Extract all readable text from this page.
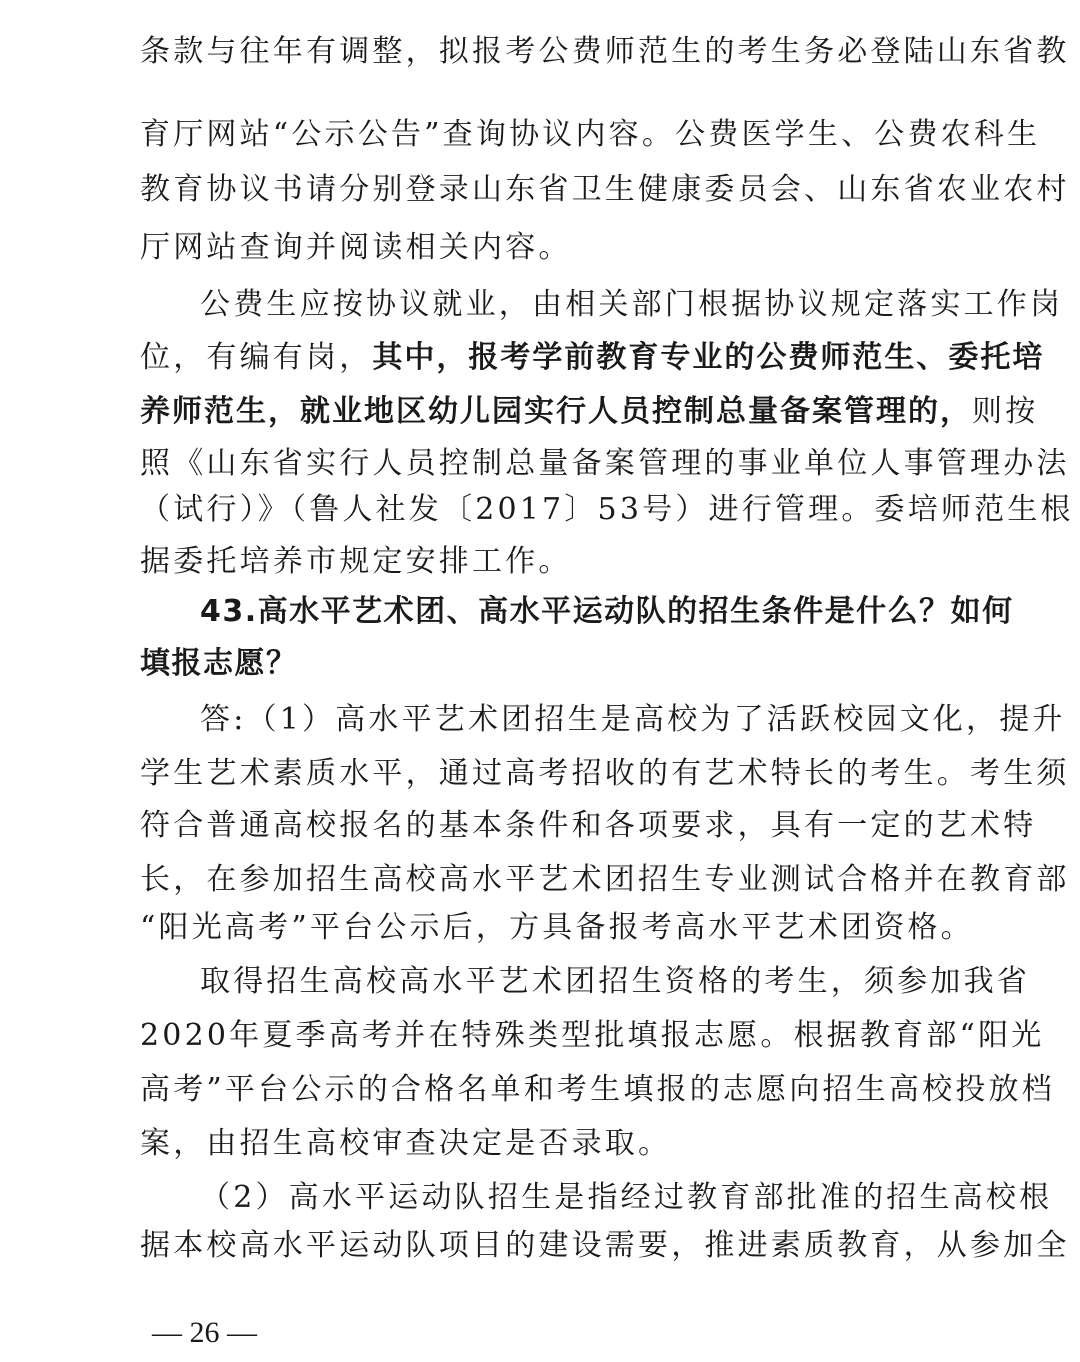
条款与往年有调整，拟报考公费师范生的考生务必登陆山东省教
育厅网站“公示公告”查询协议内容。公费医学生、公费农科生
教育协议书请分别登录山东省卫生健康委员会、山东省农业农村
厅网站查询并阅读相关内容。
公费生应按协议就业，由相关部门根据协议规定落实工作岗
位，有编有岗，其中，报考学前教育专业的公费师范生、委托培
养师范生，就业地区幼儿园实行人员控制总量备案管理的，则按
照《山东省实行人员控制总量备案管理的事业单位人事管理办法
（试行）》（鲁人社发〔2017〕53号）进行管理。委培师范生根
据委托培养市规定安排工作。
43.高水平艺术团、高水平运动队的招生条件是什么？如何
填报志愿？
答:（1）高水平艺术团招生是高校为了活跃校园文化，提升
学生艺术素质水平，通过高考招收的有艺术特长的考生。考生须
符合普通高校报名的基本条件和各项要求，具有一定的艺术特
长，在参加招生高校高水平艺术团招生专业测试合格并在教育部
“阳光高考”平台公示后，方具备报考高水平艺术团资格。
取得招生高校高水平艺术团招生资格的考生，须参加我省
2020年夏季高考并在特殊类型批填报志愿。根据教育部“阳光
高考”平台公示的合格名单和考生填报的志愿向招生高校投放档
案，由招生高校审查决定是否录取。
（2）高水平运动队招生是指经过教育部批准的招生高校根
据本校高水平运动队项目的建设需要，推进素质教育，从参加全
— 26 —
